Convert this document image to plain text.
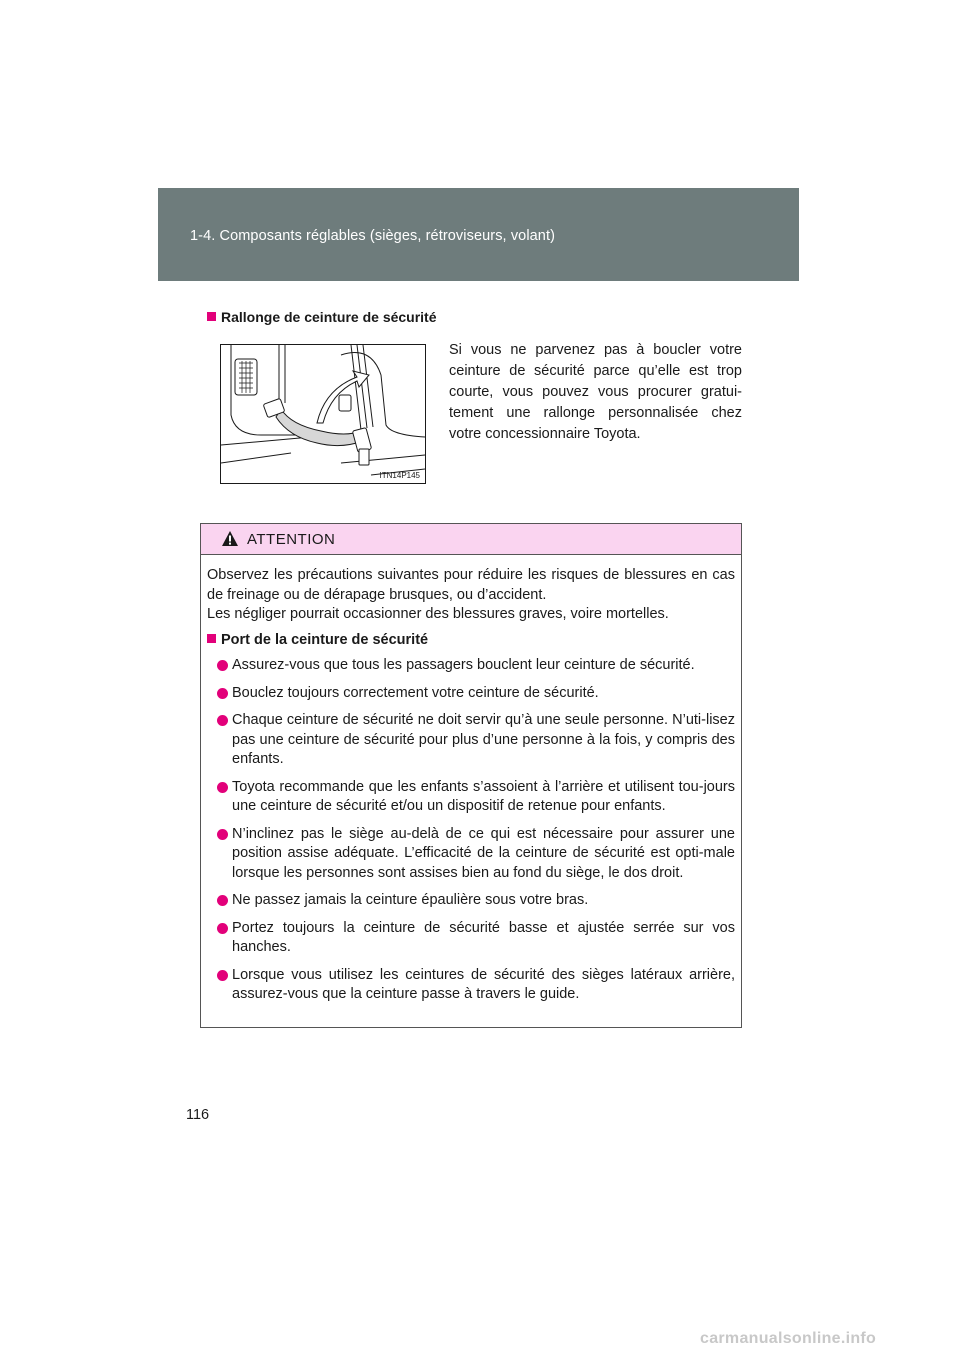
1-4. Composants réglables (sièges, rétroviseurs, volant)
Rallonge de ceinture de sécurité
ITN14P145
Si vous ne parvenez pas à boucler votre ceinture de sécurité parce qu’elle est trop courte, vous pouvez vous procurer gratui-tement une rallonge personnalisée chez votre concessionnaire Toyota.
ATTENTION

Observez les précautions suivantes pour réduire les risques de blessures en cas de freinage ou de dérapage brusques, ou d’accident.
Les négliger pourrait occasionner des blessures graves, voire mortelles.

Port de la ceinture de sécurité
Assurez-vous que tous les passagers bouclent leur ceinture de sécurité.
Bouclez toujours correctement votre ceinture de sécurité.
Chaque ceinture de sécurité ne doit servir qu’à une seule personne. N’uti-lisez pas une ceinture de sécurité pour plus d’une personne à la fois, y compris des enfants.
Toyota recommande que les enfants s’assoient à l’arrière et utilisent tou-jours une ceinture de sécurité et/ou un dispositif de retenue pour enfants.
N’inclinez pas le siège au-delà de ce qui est nécessaire pour assurer une position assise adéquate. L’efficacité de la ceinture de sécurité est opti-male lorsque les personnes sont assises bien au fond du siège, le dos droit.
Ne passez jamais la ceinture épaulière sous votre bras.
Portez toujours la ceinture de sécurité basse et ajustée serrée sur vos hanches.
Lorsque vous utilisez les ceintures de sécurité des sièges latéraux arrière, assurez-vous que la ceinture passe à travers le guide.
116
carmanualsonline.info
